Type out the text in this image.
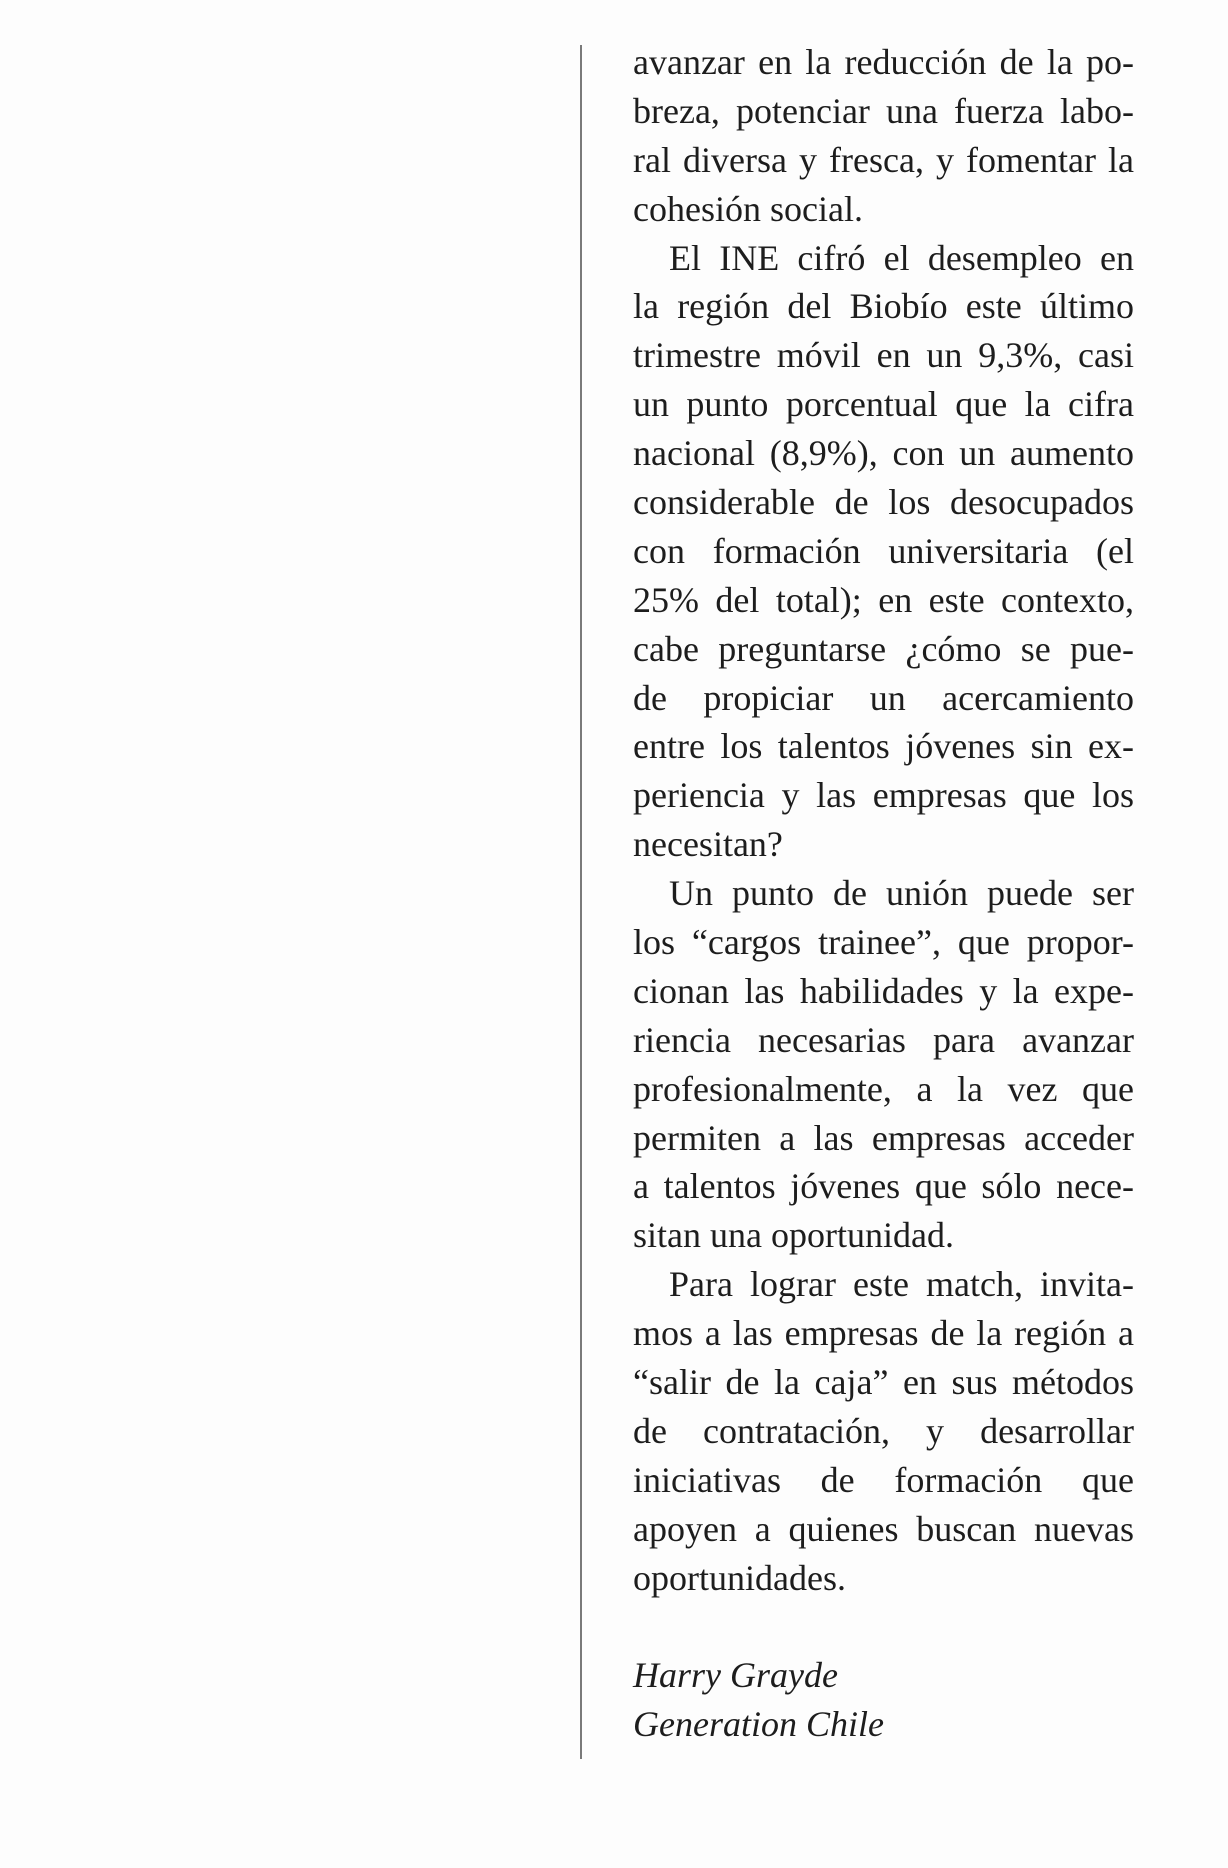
avanzar en la reducción de la po-
breza, potenciar una fuerza labo-
ral diversa y fresca, y fomentar la
cohesión social.
El INE cifró el desempleo en
la región del Biobío este último
trimestre móvil en un 9,3%, casi
un punto porcentual que la cifra
nacional (8,9%), con un aumento
considerable de los desocupados
con formación universitaria (el
25% del total); en este contexto,
cabe preguntarse ¿cómo se pue-
de propiciar un acercamiento
entre los talentos jóvenes sin ex-
periencia y las empresas que los
necesitan?
Un punto de unión puede ser
los “cargos trainee”, que propor-
cionan las habilidades y la expe-
riencia necesarias para avanzar
profesionalmente, a la vez que
permiten a las empresas acceder
a talentos jóvenes que sólo nece-
sitan una oportunidad.
Para lograr este match, invita-
mos a las empresas de la región a
“salir de la caja” en sus métodos
de contratación, y desarrollar
iniciativas de formación que
apoyen a quienes buscan nuevas
oportunidades.
Harry Grayde
Generation Chile
